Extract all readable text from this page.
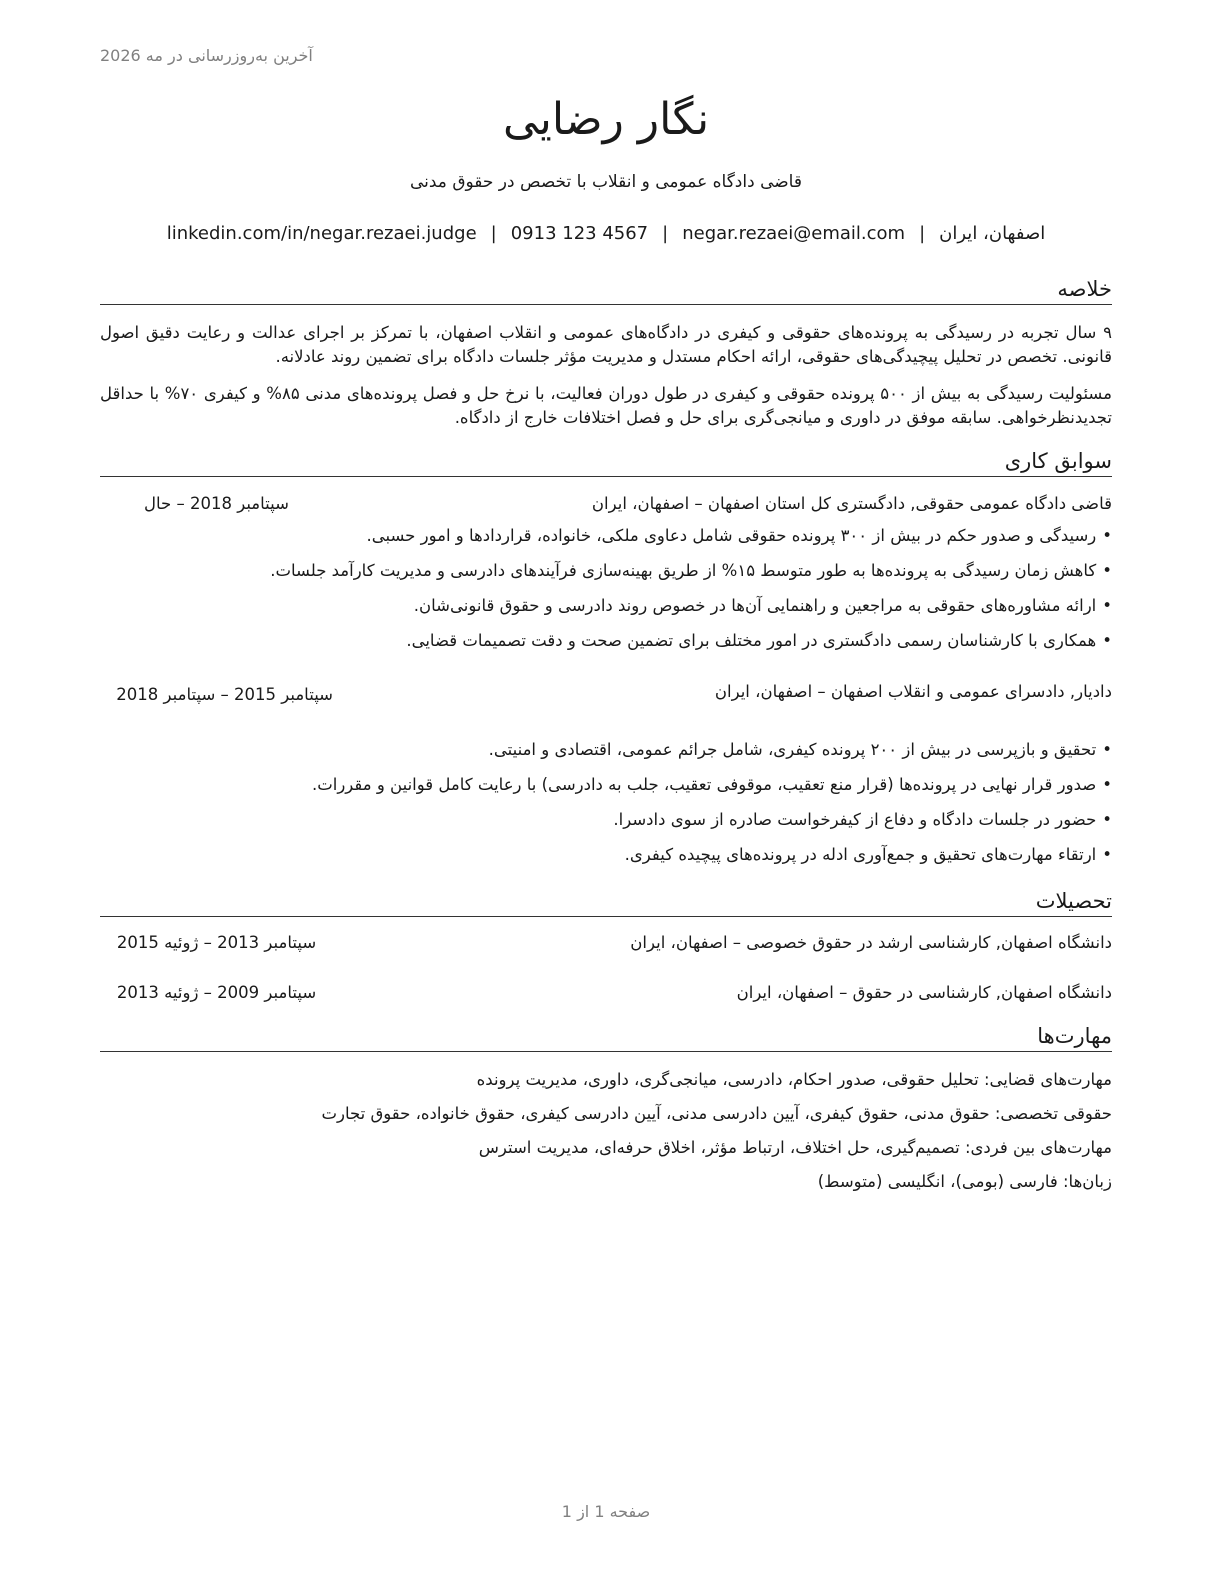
آخرین به‌روزرسانی در مه 2026
نگار رضایی
قاضی دادگاه عمومی و انقلاب با تخصص در حقوق مدنی
اصفهان، ایران|negar.rezaei@email.com|0913 123 4567|linkedin.com/in/negar.rezaei.judge
خلاصه
۹ سال تجربه در رسیدگی به پرونده‌های حقوقی و کیفری در دادگاه‌های عمومی و انقلاب اصفهان، با تمرکز بر اجرای عدالت و رعایت دقیق اصول قانونی. تخصص در تحلیل پیچیدگی‌های حقوقی، ارائه احکام مستدل و مدیریت مؤثر جلسات دادگاه برای تضمین روند عادلانه.
مسئولیت رسیدگی به بیش از ۵۰۰ پرونده حقوقی و کیفری در طول دوران فعالیت، با نرخ حل و فصل پرونده‌های مدنی ۸۵% و کیفری ۷۰% با حداقل تجدیدنظرخواهی. سابقه موفق در داوری و میانجی‌گری برای حل و فصل اختلافات خارج از دادگاه.
سوابق کاری
قاضی دادگاه عمومی حقوقی, دادگستری کل استان اصفهان – اصفهان، ایران
سپتامبر 2018 – حال
•رسیدگی و صدور حکم در بیش از ۳۰۰ پرونده حقوقی شامل دعاوی ملکی، خانواده، قراردادها و امور حسبی.
•کاهش زمان رسیدگی به پرونده‌ها به طور متوسط ۱۵% از طریق بهینه‌سازی فرآیندهای دادرسی و مدیریت کارآمد جلسات.
•ارائه مشاوره‌های حقوقی به مراجعین و راهنمایی آن‌ها در خصوص روند دادرسی و حقوق قانونی‌شان.
•همکاری با کارشناسان رسمی دادگستری در امور مختلف برای تضمین صحت و دقت تصمیمات قضایی.
دادیار, دادسرای عمومی و انقلاب اصفهان – اصفهان، ایران
سپتامبر 2015 – سپتامبر 2018
•تحقیق و بازپرسی در بیش از ۲۰۰ پرونده کیفری، شامل جرائم عمومی، اقتصادی و امنیتی.
•صدور قرار نهایی در پرونده‌ها (قرار منع تعقیب، موقوفی تعقیب، جلب به دادرسی) با رعایت کامل قوانین و مقررات.
•حضور در جلسات دادگاه و دفاع از کیفرخواست صادره از سوی دادسرا.
•ارتقاء مهارت‌های تحقیق و جمع‌آوری ادله در پرونده‌های پیچیده کیفری.
تحصیلات
دانشگاه اصفهان, کارشناسی ارشد در حقوق خصوصی – اصفهان، ایران
سپتامبر 2013 – ژوئیه 2015
دانشگاه اصفهان, کارشناسی در حقوق – اصفهان، ایران
سپتامبر 2009 – ژوئیه 2013
مهارت‌ها
مهارت‌های قضایی: تحلیل حقوقی، صدور احکام، دادرسی، میانجی‌گری، داوری، مدیریت پرونده
حقوقی تخصصی: حقوق مدنی، حقوق کیفری، آیین دادرسی مدنی، آیین دادرسی کیفری، حقوق خانواده، حقوق تجارت
مهارت‌های بین فردی: تصمیم‌گیری، حل اختلاف، ارتباط مؤثر، اخلاق حرفه‌ای، مدیریت استرس
زبان‌ها: فارسی (بومی)، انگلیسی (متوسط)
صفحه 1 از 1
